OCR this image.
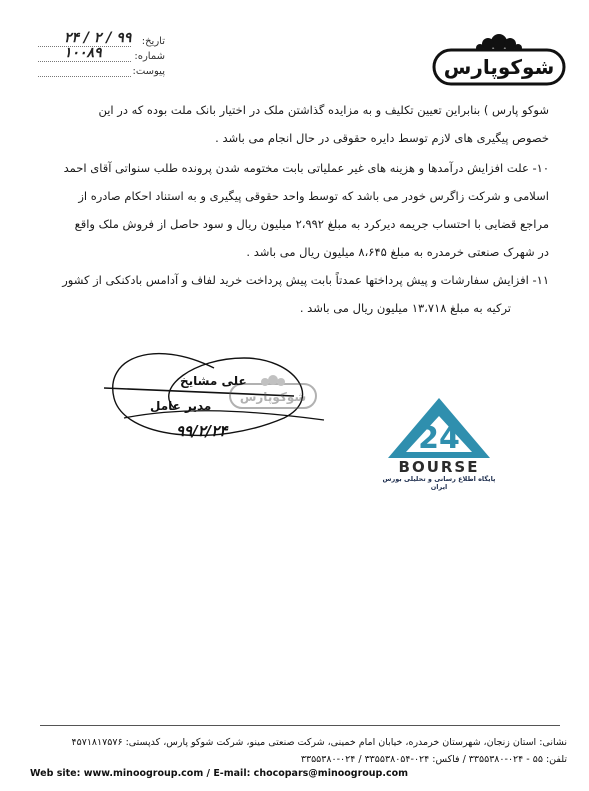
شوکوپارس
تاریخ:
۹۹ / ۲ / ۲۴
شماره:
۱۰۰۸۹
پیوست:

شوکو پارس ) بنابراین تعیین تکلیف و به مزایده گذاشتن ملک در اختیار بانک ملت بوده که در این

خصوص پیگیری های لازم توسط دایره حقوقی در حال انجام می باشد .

۱۰- علت افزایش درآمدها و هزینه های غیر عملیاتی بابت مختومه شدن پرونده طلب سنواتی آقای احمد

اسلامی و شرکت زاگرس خودر می باشد که توسط واحد حقوقی پیگیری و به استناد احکام صادره از

مراجع قضایی با احتساب جریمه دیرکرد به مبلغ ۲،۹۹۲ میلیون ریال و سود حاصل از فروش ملک واقع

در شهرک صنعتی خرمدره به مبلغ ۸،۶۴۵ میلیون ریال می باشد .

۱۱- افزایش سفارشات و پیش پرداختها عمدتاً بابت پیش پرداخت خرید لفاف و آدامس بادکنکی از کشور

ترکیه به مبلغ ۱۳،۷۱۸ میلیون ریال می باشد .

شوکوپارس
علی مشایخ
مدیر عامل
۹۹/۲/۲۴	24
BOURSE
پایگاه اطلاع رسانی و تحلیلی بورس ایران
نشانی: استان زنجان، شهرستان خرمدره، خیابان امام خمینی، شرکت صنعتی مینو، شرکت شوکو پارس، کدپستی: ۴۵۷۱۸۱۷۵۷۶
تلفن: ۵۵ - ۰۲۴-۳۳۵۵۳۸۰ / فاکس: ۰۲۴-۳۳۵۵۳۸۰۵۴ / ۰۲۴-۳۳۵۵۳۸۰
Web site: www.minoogroup.com / E-mail: chocopars@minoogroup.com
